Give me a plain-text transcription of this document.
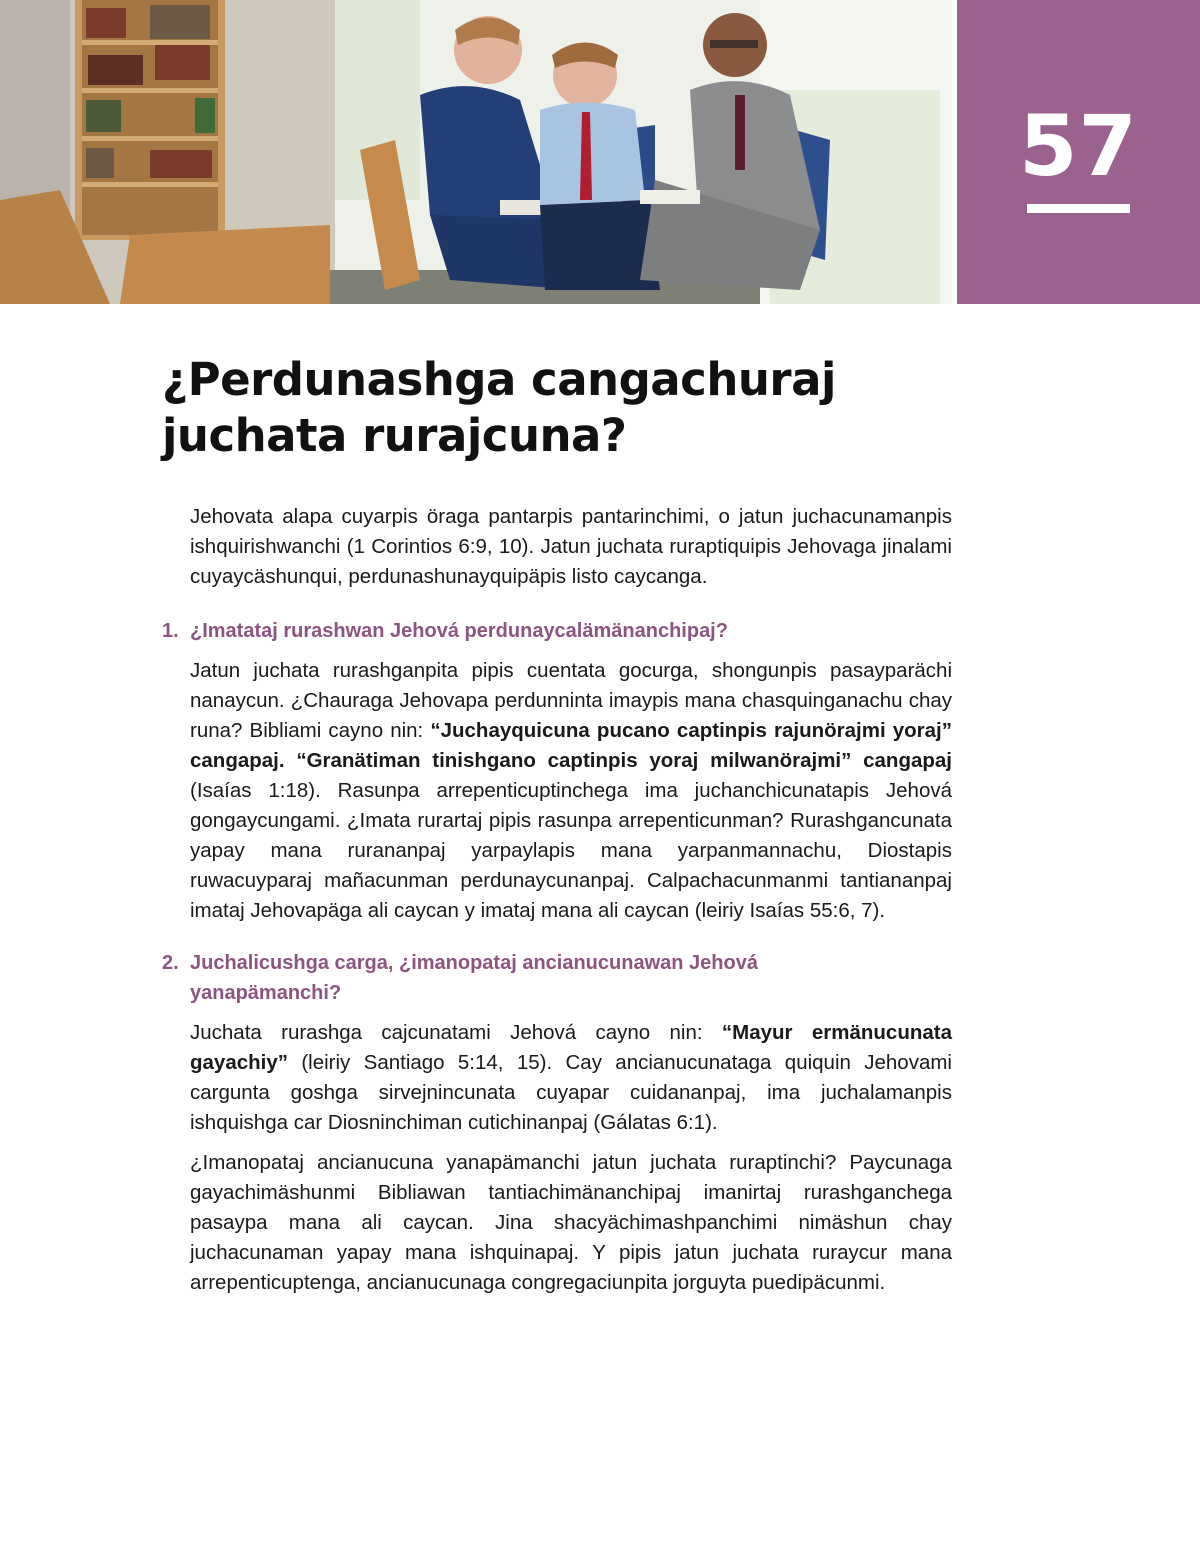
57
¿Perdunashga cangachuraj
juchata rurajcuna?

Jehovata alapa cuyarpis öraga pantarpis pantarinchimi, o jatun juchacunamanpis ishquirishwanchi (1 Corintios 6:9, 10). Jatun juchata ruraptiquipis Jehovaga jinalami cuyaycäshunqui, perdunashunayquipäpis listo caycanga.

1. ¿Imatataj rurashwan Jehová perdunaycalämänanchipaj?

Jatun juchata rurashganpita pipis cuentata gocurga, shongunpis pasayparächi nanaycun. ¿Chauraga Jehovapa perdunninta imaypis mana chasquinganachu chay runa? Bibliami cayno nin: “Juchayquicuna pucano captinpis rajunörajmi yoraj” cangapaj. “Granätiman tinishgano captinpis yoraj milwanörajmi” cangapaj (Isaías 1:18). Rasunpa arrepenticuptinchega ima juchanchicunatapis Jehová gongaycungami. ¿Imata rurartaj pipis rasunpa arrepenticunman? Rurashgancunata yapay mana rurananpaj yarpaylapis mana yarpanmannachu, Diostapis ruwacuyparaj mañacunman perdunaycunanpaj. Calpachacunmanmi tantiananpaj imataj Jehovapäga ali caycan y imataj mana ali caycan (leiriy Isaías 55:6, 7).

2. Juchalicushga carga, ¿imanopataj ancianucunawan Jehová yanapämanchi?

Juchata rurashga cajcunatami Jehová cayno nin: “Mayur ermänucunata gayachiy” (leiriy Santiago 5:14, 15). Cay ancianucunataga quiquin Jehovami cargunta goshga sirvejnincunata cuyapar cuidananpaj, ima juchalamanpis ishquishga car Diosninchiman cutichinanpaj (Gálatas 6:1).

¿Imanopataj ancianucuna yanapämanchi jatun juchata ruraptinchi? Paycunaga gayachimäshunmi Bibliawan tantiachimänanchipaj imanirtaj rurashganchega pasaypa mana ali caycan. Jina shacyächimashpanchimi nimäshun chay juchacunaman yapay mana ishquinapaj. Y pipis jatun juchata ruraycur mana arrepenticuptenga, ancianucunaga congregaciunpita jorguyta puedipäcunmi.
